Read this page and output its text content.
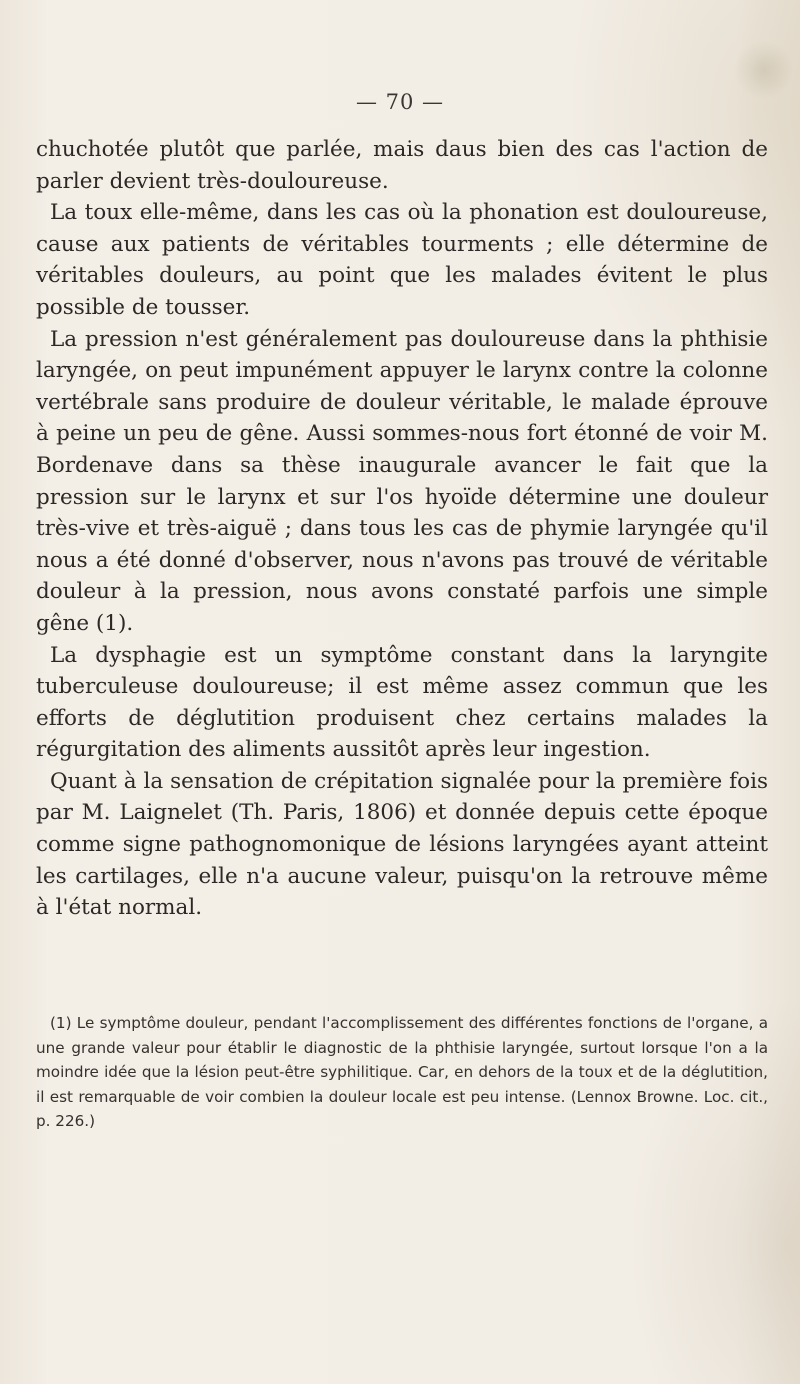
— 70 —

chuchotée plutôt que parlée, mais daus bien des cas l'action de parler devient très-douloureuse.

La toux elle-même, dans les cas où la phonation est douloureuse, cause aux patients de véritables tourments ; elle détermine de véritables douleurs, au point que les malades évitent le plus possible de tousser.

La pression n'est généralement pas douloureuse dans la phthisie laryngée, on peut impunément appuyer le larynx contre la colonne vertébrale sans produire de douleur véritable, le malade éprouve à peine un peu de gêne. Aussi sommes-nous fort étonné de voir M. Bordenave dans sa thèse inaugurale avancer le fait que la pression sur le larynx et sur l'os hyoïde détermine une douleur très-vive et très-aiguë ; dans tous les cas de phymie laryngée qu'il nous a été donné d'observer, nous n'avons pas trouvé de véritable douleur à la pression, nous avons constaté parfois une simple gêne (1).

La dysphagie est un symptôme constant dans la laryngite tuberculeuse douloureuse; il est même assez commun que les efforts de déglutition produisent chez certains malades la régurgitation des aliments aussitôt après leur ingestion.

Quant à la sensation de crépitation signalée pour la première fois par M. Laignelet (Th. Paris, 1806) et donnée depuis cette époque comme signe pathognomonique de lésions laryngées ayant atteint les cartilages, elle n'a aucune valeur, puisqu'on la retrouve même à l'état normal.

(1) Le symptôme douleur, pendant l'accomplissement des différentes fonctions de l'organe, a une grande valeur pour établir le diagnostic de la phthisie laryngée, surtout lorsque l'on a la moindre idée que la lésion peut-être syphilitique. Car, en dehors de la toux et de la déglutition, il est remarquable de voir combien la douleur locale est peu intense. (Lennox Browne. Loc. cit., p. 226.)
